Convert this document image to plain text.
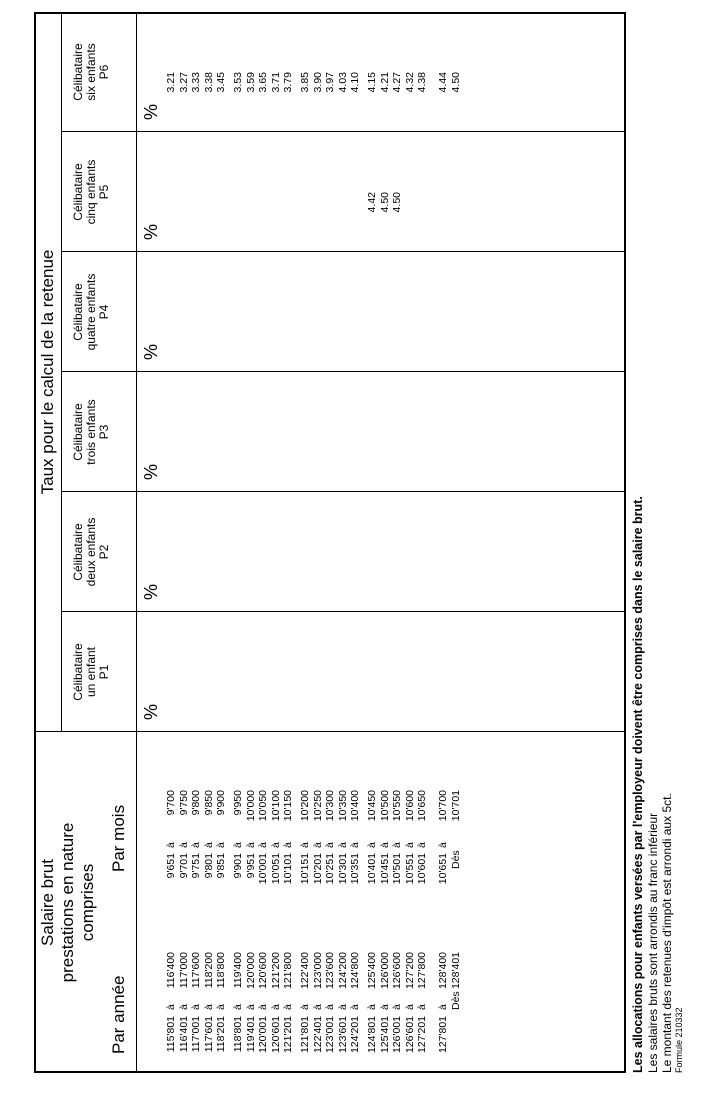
Salaire brut prestations en nature comprises
Par année
Par mois
Taux pour le calcul de la retenue
Les allocations pour enfants versées par l'employeur doivent être comprises dans le salaire brut. Les salaires bruts sont arrondis au franc inférieur Le montant des retenues d'impôt est arrondi aux 5ct. Formule 210332
Célibataire un enfant P1
%
Célibataire deux enfants P2
%
Célibataire trois enfants P3
%
Célibataire quatre enfants P4
%
Célibataire cinq enfants P5
%
Célibataire six enfants P6
%
115'801
à
116'400
9'651
à
9'700
3.21
116'401
à
117'000
9'701
à
9'750
3.27
117'001
à
117'600
9'751
à
9'800
3.33
117'601
à
118'200
9'801
à
9'850
3.38
118'201
à
118'800
9'851
à
9'900
3.45
118'801
à
119'400
9'901
à
9'950
3.53
119'401
à
120'000
9'951
à
10'000
3.59
120'001
à
120'600
10'001
à
10'050
3.65
120'601
à
121'200
10'051
à
10'100
3.71
121'201
à
121'800
10'101
à
10'150
3.79
121'801
à
122'400
10'151
à
10'200
3.85
122'401
à
123'000
10'201
à
10'250
3.90
123'001
à
123'600
10'251
à
10'300
3.97
123'601
à
124'200
10'301
à
10'350
4.03
124'201
à
124'800
10'351
à
10'400
4.10
124'801
à
125'400
10'401
à
10'450
4.42
4.15
125'401
à
126'000
10'451
à
10'500
4.50
4.21
126'001
à
126'600
10'501
à
10'550
4.50
4.27
126'601
à
127'200
10'551
à
10'600
4.32
127'201
à
127'800
10'601
à
10'650
4.38
127'801
à
128'400
10'651
à
10'700
4.44
Dès
128'401
Dès
10'701
4.50
